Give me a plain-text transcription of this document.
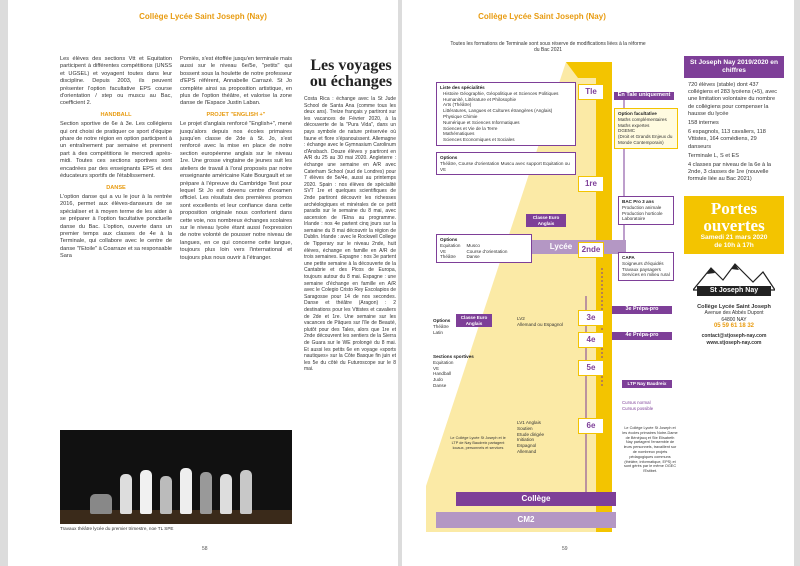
Collège Lycée Saint Joseph (Nay)

Les élèves des sections Vtt et Equitation participent à différentes compétitions (UNSS et UGSEL) et voyagent toutes dans leur discipline. Depuis 2003, ils peuvent présenter l'option facultative EPS course d'orientation / step ou muscu au Bac, coefficient 2.

HANDBALL

Section sportive de 6e à 3e. Les collégiens qui ont choisi de pratiquer ce sport d'équipe phare de notre région en option participent à un entraînement par semaine et prennent part à des compétitions le mercredi après-midi. Toutes ces sections sportives sont encadrées par des enseignants EPS et des éducateurs sportifs de l'établissement.

DANSE

L'option danse qui a vu le jour à la rentrée 2016, permet aux élèves-danseurs de se spécialiser et à moyen terme de les aider à se préparer à l'option facultative ponctuelle danse du Bac. L'option, ouverte dans un premier temps aux classes de 4e à la Terminale, qui collabore avec le centre de danse "l'Etoile" à Coarraze et sa responsable Sara

Pomiès, s'est étoffée jusqu'en terminale mais aussi sur le niveau 6e/5e, "petits" qui bossent sous la houlette de notre professeur d'EPS référent, Annabelle Carrazé. St Jo complète ainsi sa proposition artistique, en plus de l'option théâtre, et valorise la zone danse de l'Espace Justin Laban.

PROJET "ENGLISH +"

Le projet d'anglais renforcé "English+", mené jusqu'alors depuis nos écoles primaires jusqu'en classe de 2de à St. Jo, s'est renforcé avec la mise en place de notre section européenne anglais sur le niveau 1re. Une grosse vingtaine de jeunes suit les ateliers de travail à l'oral proposés par notre enseignante américaine Kate Bourgault et se prépare à l'épreuve du Cambridge Test pour lequel St Jo est devenu centre d'examen officiel. Les résultats des premières promos sont excellents et leur confiance dans cette proposition originale nous confortent dans cette voie, nos nombreux échanges scolaires sur le niveau lycée étant aussi l'expression de notre volonté de pousser notre niveau de langues, en ce qui concerne cette langue, toujours plus loin vers l'international et toujours plus nous ouvrir à l'étranger.

Les voyages ou échanges

Costa Rica : échange avec la St Jude School de Santa Ana (comme tous les deux ans). Treize français y partiront sur les vacances de Février 2020, à la découverte de la "Pura Vida", dans un pays symbole de nature préservée où faune et flore s'épanouissent. Allemagne : échange avec le Gymnasium Carolinum d'Ansbach. Douze élèves y partiront en A/R du 25 au 30 mai 2020. Angleterre : échange une semaine en A/R avec Caterham School (sud de Londres) pour 7 élèves de 5e/4e, aussi au printemps 2020. Spain : nos élèves de spécialité SVT 1re et quelques scientifiques de 2nde partiront découvrir les richesses archéologiques et minérales de ce petit paradis sur le semaine du 8 mai, avec ascension de l'Etna au programme. Irlande : nos 4e partent cinq jours sur la semaine du 8 mai découvrir la région de Dublin. Irlande : avec le Rockwell College de Tipperary sur le niveau 2nde, huit élèves, échange en famille en A/R de trois semaines. Espagne : nos 3e partent une petite semaine à la découverte de la Cantabrie et des Picos de Europa, toujours autour du 8 mai. Espagne : une semaine d'échange en famille en A/R avec le Colegio Cristo Rey Escolapios de Saragosse pour 14 de nos secondes. Danse et théâtre (Aragon) : 2 destinations pour les Vttistes et cavaliers de 2de et 1re. Une semaine sur les vacances de Pâques sur l'île de Beauté, plutôt pour des Tales, alors que 1re et 2nde découvrent les sentiers de la Sierra de Guara sur le WE prolongé du 8 mai. Et aussi les petits 6e en voyage «sports nautiques» sur la Côte Basque fin juin et les 5e du côté du Futuroscope sur le 8 mai.

Travaux théâtre lycée du premier trimestre, noe TL SPE
58
Collège Lycée Saint Joseph (Nay)
Toutes les formations de Terminale sont sous réserve de modifications liées à la réforme du Bac 2021
Lycée
Collège
CM2
Tle
1re
2nde
3e
4e
5e
6e
Liste des spécialités
Histoire Géographie, Géopolitique et Sciences Politiques
Humanité, Littérature et Philosophie
Arts (Théâtre)
Littératures, Langues et Cultures étrangères (Anglais)
Physique Chimie
Numérique et Sciences Informatiques
Sciences et Vie de la Terre
Mathématiques
Sciences Economiques et Sociales
Options
Théâtre, Course d'orientation Muscu avec support Equitation ou Vtt
En Tale uniquement
Option facultative
Maths complémentaires
Maths expertes
DGEMC
(Droit et Grands Enjeux du Monde Contemporain)
BAC Pro 3 ans
Production animale
Production horticole
Laboratoire
CAPA
Soigneurs d'équidés
Travaux paysagers
Services en milieu rural
Classe Euro Anglais
Options
Equitation
Vtt
Théâtre
Musco
Course d'orientation
Danse
3e Prépa-pro
4e Prépa-pro
LTP Nay Baudreix
Cursus normal
Cursus possible
Classe Euro Anglais
Options
Théâtre
Latin
LV2
Allemand ou Espagnol
Sections sportives
Equitation
Vtt
Handball
Judo
Danse
LV1 Anglais
Soutien
Etude dirigée
Initiation
Espagnol
Allemand
Le Collège Lycée St Joseph et le LTP de Nay Baudreix partagent locaux, personnels et services
Le Collège Lycée St Joseph et les écoles primaires Notre-Dame de Bénéjacq et Ste Elisabeth Nay partagent l'ensemble de leurs personnels, travaillent sur de nombreux projets pédagogiques communs (théâtre, informatique, EPS) et sont gérés par le même OGEC l'Estibet.
St Joseph Nay 2019/2020 en chiffres
720 élèves (stable) dont 437 collégiens et 283 lycéens (+5), avec une limitation volontaire du nombre de collégiens pour compenser la hausse du lycée
158 internes
6 espagnols, 113 cavaliers, 118 Vttistes, 164 comédiens, 29 danseurs
Terminale L, S et ES
4 classes par niveau de la 6e à la 2nde, 3 classes de 1re (nouvelle formule liée au Bac 2021)
Portes ouvertes
Samedi 21 mars 2020
de 10h à 17h
St Joseph Nay
Collège Lycée Saint Joseph
Avenue des Abbés Dupont
64800 NAY
05 59 61 18 32
contact@stjoseph-nay.com
www.stjoseph-nay.com
59
